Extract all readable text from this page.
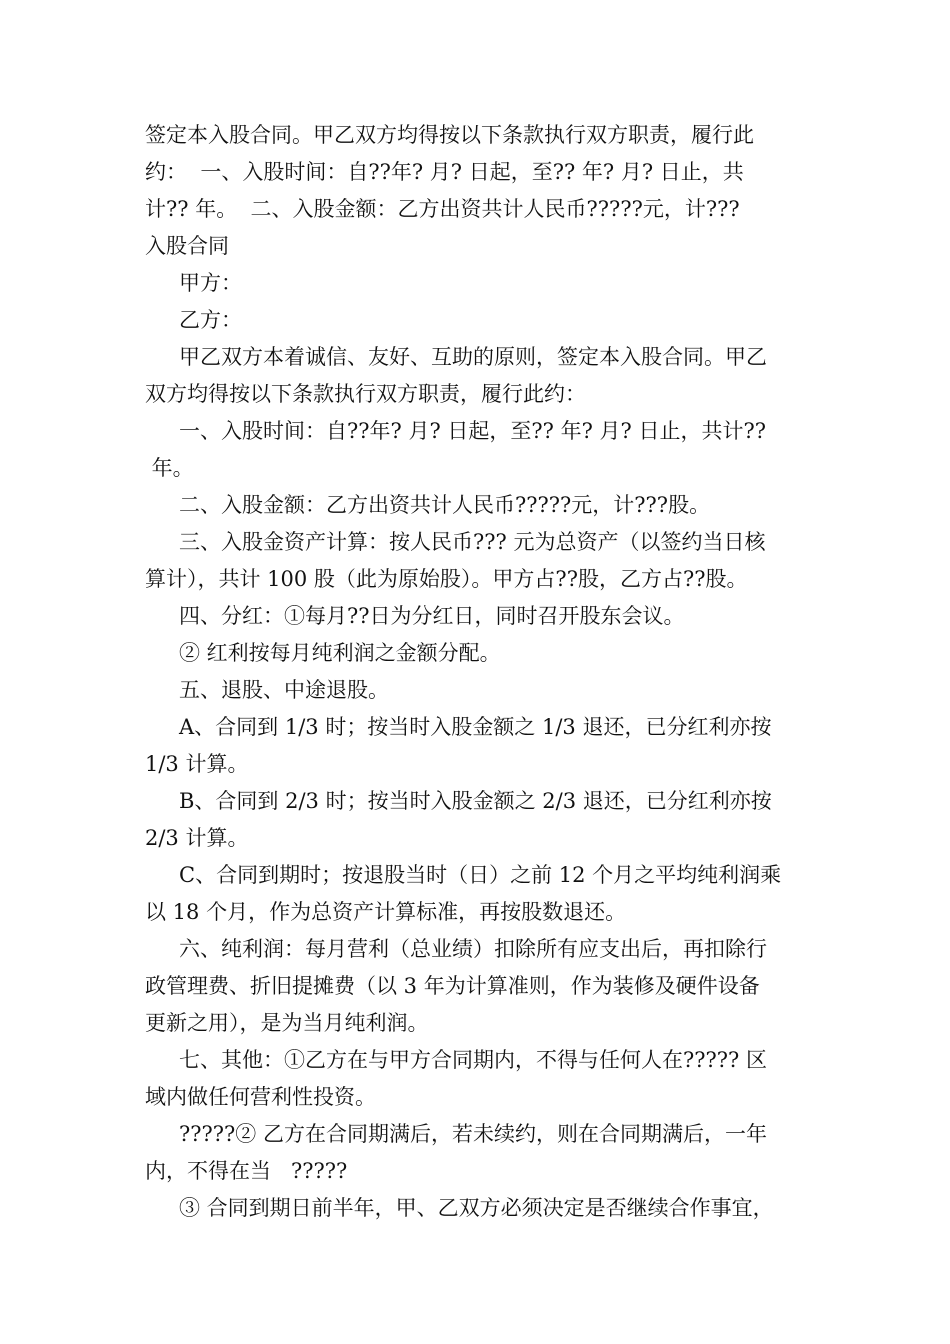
签定本入股合同。甲乙双方均得按以下条款执行双方职责，履行此

约：  一、入股时间：自??年? 月? 日起，至?? 年? 月? 日止，共

计?? 年。  二、入股金额：乙方出资共计人民币?????元，计???

入股合同

甲方：

乙方：

甲乙双方本着诚信、友好、互助的原则，签定本入股合同。甲乙

双方均得按以下条款执行双方职责，履行此约：

一、入股时间：自??年? 月? 日起，至?? 年? 月? 日止，共计??

年。

二、入股金额：乙方出资共计人民币?????元，计???股。

三、入股金资产计算：按人民币??? 元为总资产（以签约当日核

算计），共计 100 股（此为原始股）。甲方占??股，乙方占??股。

四、分红：①每月??日为分红日，同时召开股东会议。

② 红利按每月纯利润之金额分配。

五、退股、中途退股。

A、合同到 1/3 时；按当时入股金额之 1/3 退还，已分红利亦按

1/3 计算。

B、合同到 2/3 时；按当时入股金额之 2/3 退还，已分红利亦按

2/3 计算。

C、合同到期时；按退股当时（日）之前 12 个月之平均纯利润乘

以 18 个月，作为总资产计算标准，再按股数退还。

六、纯利润：每月营利（总业绩）扣除所有应支出后，再扣除行

政管理费、折旧提摊费（以 3 年为计算准则，作为装修及硬件设备

更新之用），是为当月纯利润。

七、其他：①乙方在与甲方合同期内，不得与任何人在????? 区

域内做任何营利性投资。

?????② 乙方在合同期满后，若未续约，则在合同期满后，一年

内，不得在当   ?????

③ 合同到期日前半年，甲、乙双方必须决定是否继续合作事宜，
